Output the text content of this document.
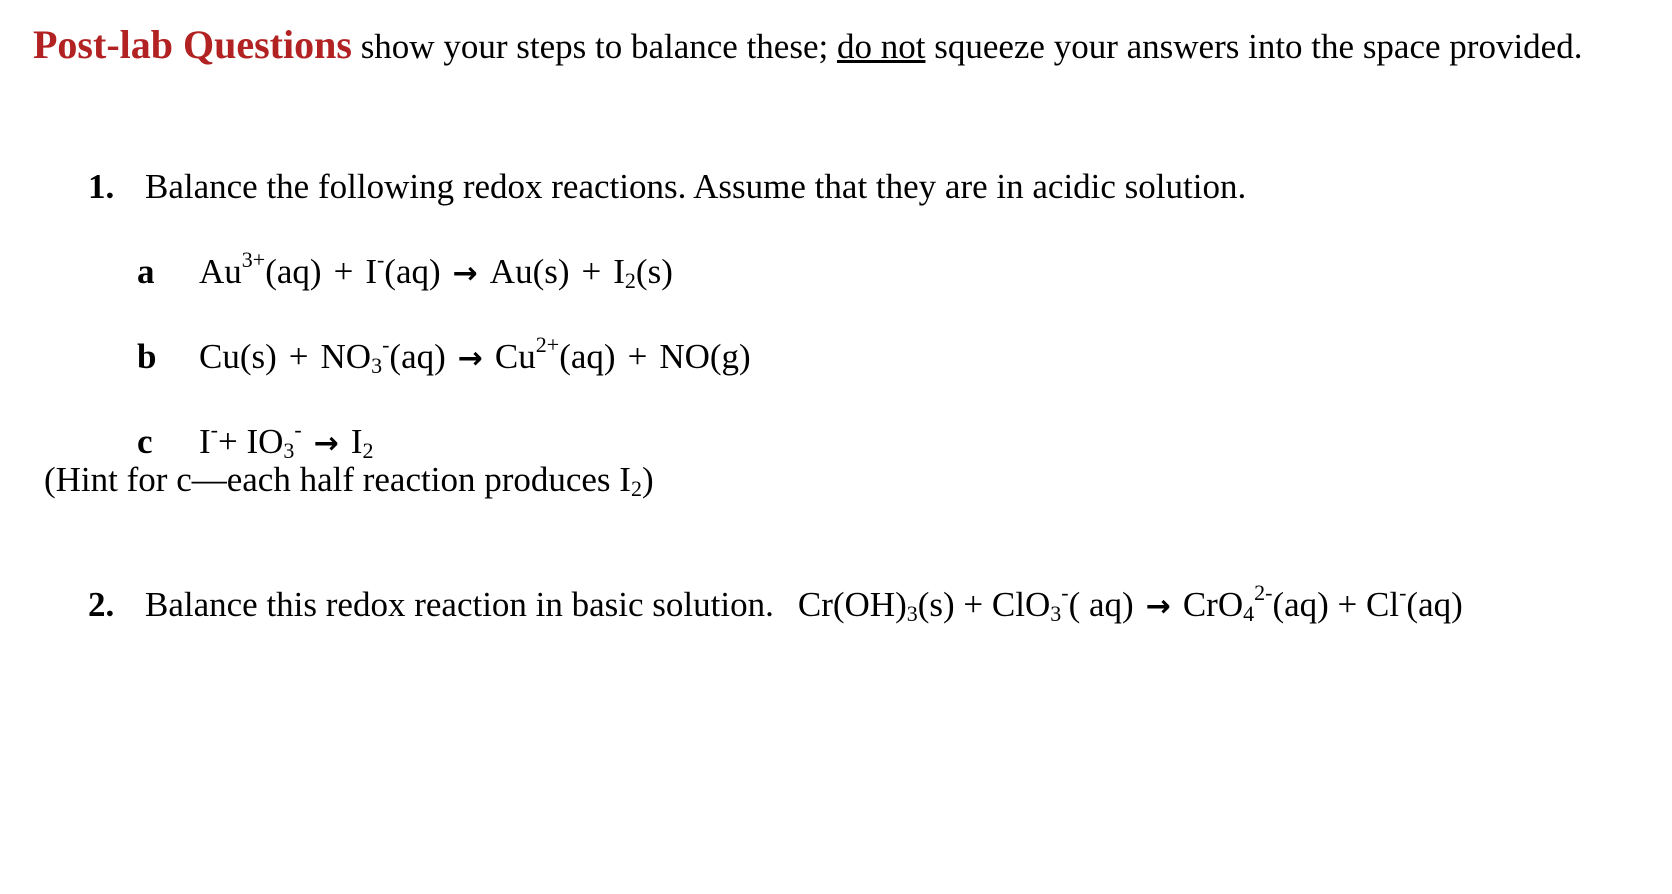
Post-lab Questions show your steps to balance these; do not squeeze your answers into the space provided.
1. Balance the following redox reactions. Assume that they are in acidic solution.
a $Au^{3+}(aq) + I^-(aq) \to Au(s) + I_2(s)$
b $Cu(s) + NO_3^-(aq) \to Cu^{2+}(aq) + NO(g)$
c $I^-+ IO_3^- \to I_2$
(Hint for c—each half reaction produces $I_2$)
2. Balance this redox reaction in basic solution. $Cr(OH)_3(s) + ClO_3^-$( aq) → CrO$_4^{2-}$(aq) + Cl-(aq)
